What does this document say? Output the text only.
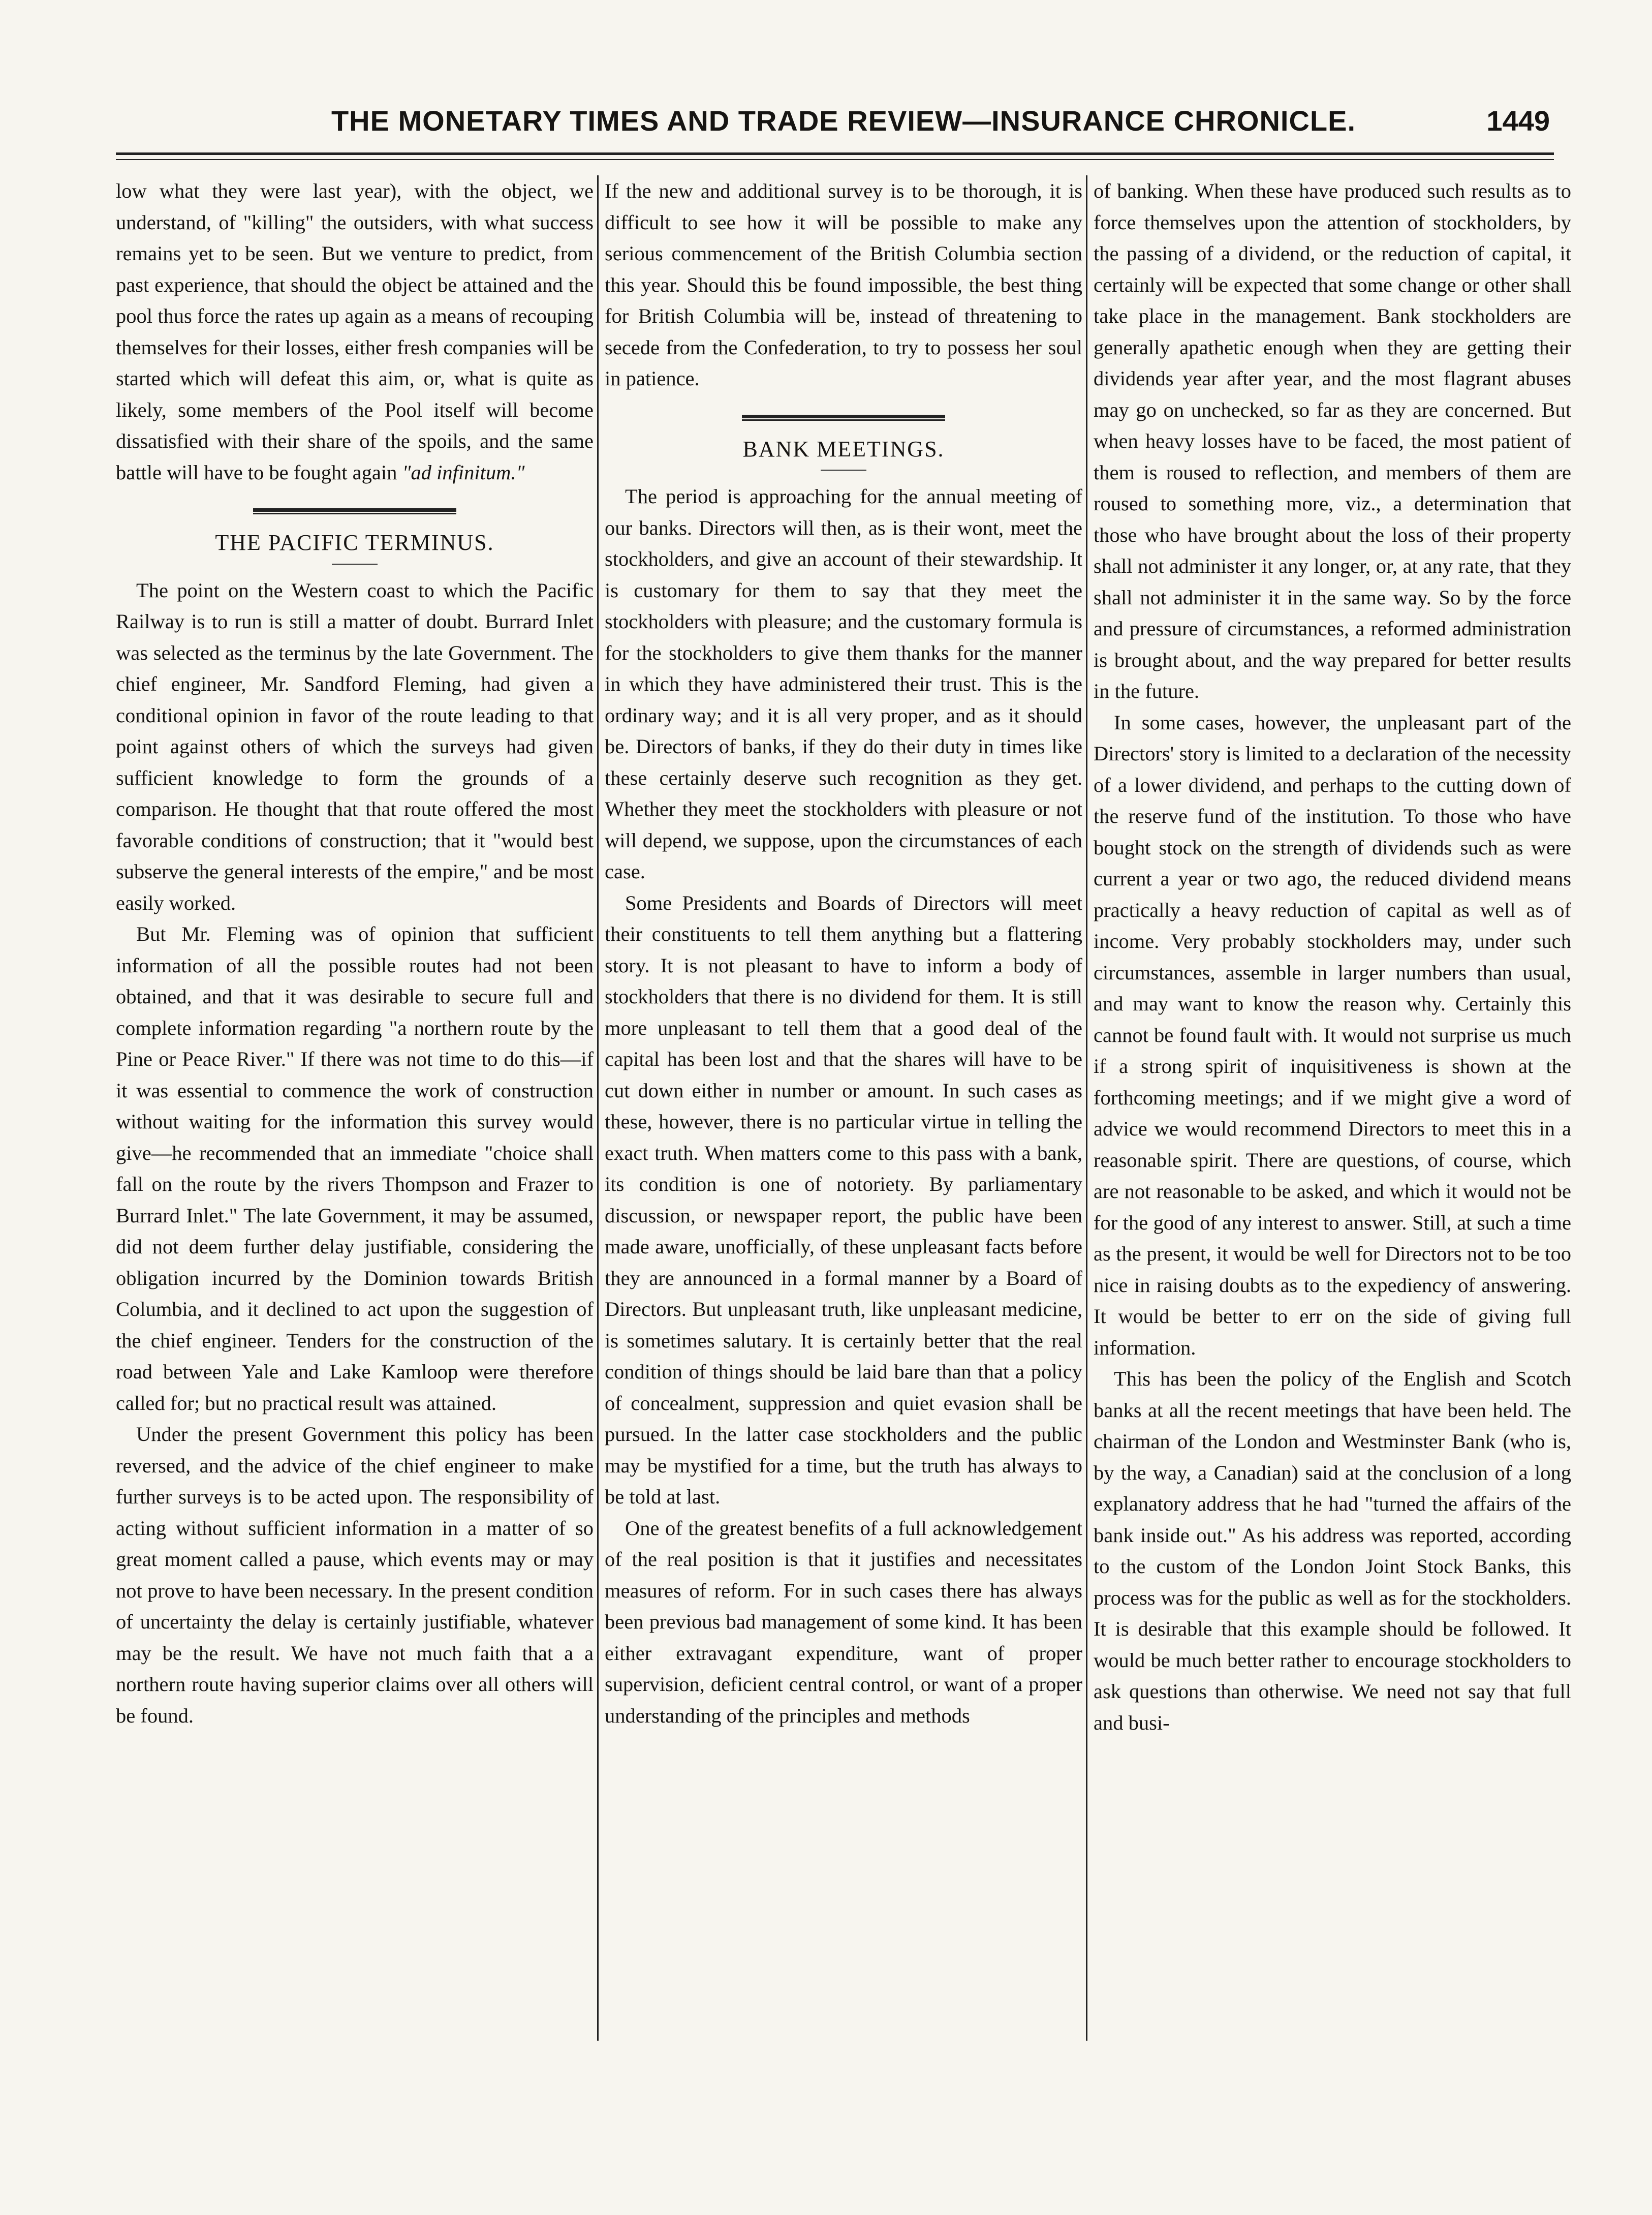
THE MONETARY TIMES AND TRADE REVIEW—INSURANCE CHRONICLE.	1449

low what they were last year), with the object, we understand, of "killing" the outsiders, with what success remains yet to be seen. But we venture to predict, from past experience, that should the object be attained and the pool thus force the rates up again as a means of recouping themselves for their losses, either fresh companies will be started which will defeat this aim, or, what is quite as likely, some members of the Pool itself will become dissatisfied with their share of the spoils, and the same battle will have to be fought again "ad infinitum."

THE PACIFIC TERMINUS.

The point on the Western coast to which the Pacific Railway is to run is still a matter of doubt. Burrard Inlet was selected as the terminus by the late Government. The chief engineer, Mr. Sandford Fleming, had given a conditional opinion in favor of the route leading to that point against others of which the surveys had given sufficient knowledge to form the grounds of a comparison. He thought that that route offered the most favorable conditions of construction; that it "would best subserve the general interests of the empire," and be most easily worked.

But Mr. Fleming was of opinion that sufficient information of all the possible routes had not been obtained, and that it was desirable to secure full and complete information regarding "a northern route by the Pine or Peace River." If there was not time to do this—if it was essential to commence the work of construction without waiting for the information this survey would give—he recommended that an immediate "choice shall fall on the route by the rivers Thompson and Frazer to Burrard Inlet." The late Government, it may be assumed, did not deem further delay justifiable, considering the obligation incurred by the Dominion towards British Columbia, and it declined to act upon the suggestion of the chief engineer. Tenders for the construction of the road between Yale and Lake Kamloop were therefore called for; but no practical result was attained.

Under the present Government this policy has been reversed, and the advice of the chief engineer to make further surveys is to be acted upon. The responsibility of acting without sufficient information in a matter of so great moment called a pause, which events may or may not prove to have been necessary. In the present condition of uncertainty the delay is certainly justifiable, whatever may be the result. We have not much faith that a a northern route having superior claims over all others will be found.

If the new and additional survey is to be thorough, it is difficult to see how it will be possible to make any serious commencement of the British Columbia section this year. Should this be found impossible, the best thing for British Columbia will be, instead of threatening to secede from the Confederation, to try to possess her soul in patience.

BANK MEETINGS.

The period is approaching for the annual meeting of our banks. Directors will then, as is their wont, meet the stockholders, and give an account of their stewardship. It is customary for them to say that they meet the stockholders with pleasure; and the customary formula is for the stockholders to give them thanks for the manner in which they have administered their trust. This is the ordinary way; and it is all very proper, and as it should be. Directors of banks, if they do their duty in times like these certainly deserve such recognition as they get. Whether they meet the stockholders with pleasure or not will depend, we suppose, upon the circumstances of each case.

Some Presidents and Boards of Directors will meet their constituents to tell them anything but a flattering story. It is not pleasant to have to inform a body of stockholders that there is no dividend for them. It is still more unpleasant to tell them that a good deal of the capital has been lost and that the shares will have to be cut down either in number or amount. In such cases as these, however, there is no particular virtue in telling the exact truth. When matters come to this pass with a bank, its condition is one of notoriety. By parliamentary discussion, or newspaper report, the public have been made aware, unofficially, of these unpleasant facts before they are announced in a formal manner by a Board of Directors. But unpleasant truth, like unpleasant medicine, is sometimes salutary. It is certainly better that the real condition of things should be laid bare than that a policy of concealment, suppression and quiet evasion shall be pursued. In the latter case stockholders and the public may be mystified for a time, but the truth has always to be told at last.

One of the greatest benefits of a full acknowledgement of the real position is that it justifies and necessitates measures of reform. For in such cases there has always been previous bad management of some kind. It has been either extravagant expenditure, want of proper supervision, deficient central control, or want of a proper understanding of the principles and methods

of banking. When these have produced such results as to force themselves upon the attention of stockholders, by the passing of a dividend, or the reduction of capital, it certainly will be expected that some change or other shall take place in the management. Bank stockholders are generally apathetic enough when they are getting their dividends year after year, and the most flagrant abuses may go on unchecked, so far as they are concerned. But when heavy losses have to be faced, the most patient of them is roused to reflection, and members of them are roused to something more, viz., a determination that those who have brought about the loss of their property shall not administer it any longer, or, at any rate, that they shall not administer it in the same way. So by the force and pressure of circumstances, a reformed administration is brought about, and the way prepared for better results in the future.

In some cases, however, the unpleasant part of the Directors' story is limited to a declaration of the necessity of a lower dividend, and perhaps to the cutting down of the reserve fund of the institution. To those who have bought stock on the strength of dividends such as were current a year or two ago, the reduced dividend means practically a heavy reduction of capital as well as of income. Very probably stockholders may, under such circumstances, assemble in larger numbers than usual, and may want to know the reason why. Certainly this cannot be found fault with. It would not surprise us much if a strong spirit of inquisitiveness is shown at the forthcoming meetings; and if we might give a word of advice we would recommend Directors to meet this in a reasonable spirit. There are questions, of course, which are not reasonable to be asked, and which it would not be for the good of any interest to answer. Still, at such a time as the present, it would be well for Directors not to be too nice in raising doubts as to the expediency of answering. It would be better to err on the side of giving full information.

This has been the policy of the English and Scotch banks at all the recent meetings that have been held. The chairman of the London and Westminster Bank (who is, by the way, a Canadian) said at the conclusion of a long explanatory address that he had "turned the affairs of the bank inside out." As his address was reported, according to the custom of the London Joint Stock Banks, this process was for the public as well as for the stockholders. It is desirable that this example should be followed. It would be much better rather to encourage stockholders to ask questions than otherwise. We need not say that full and busi-
